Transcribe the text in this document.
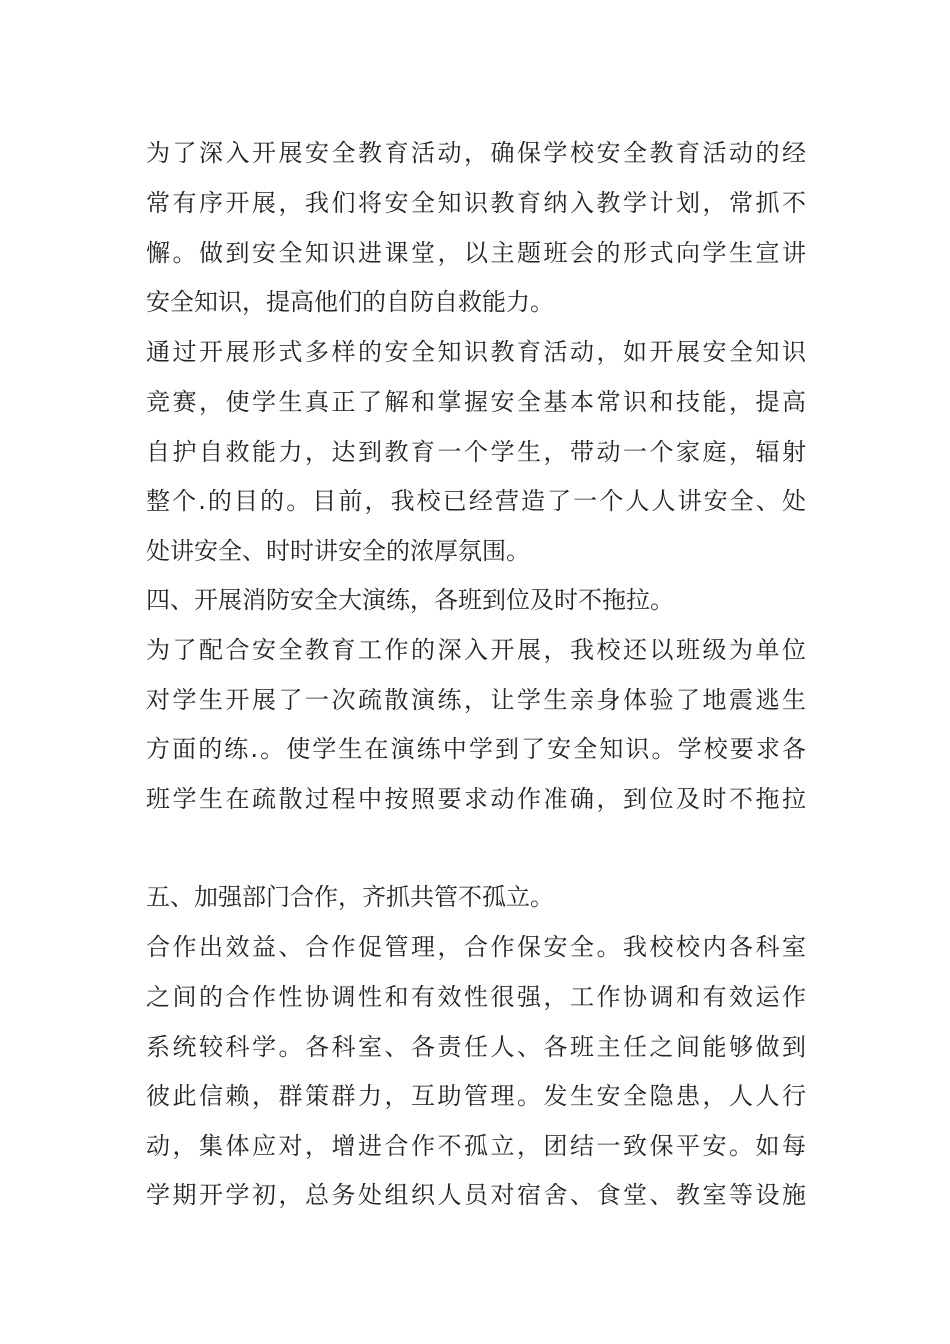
为了深入开展安全教育活动，确保学校安全教育活动的经
常有序开展，我们将安全知识教育纳入教学计划，常抓不
懈。做到安全知识进课堂，以主题班会的形式向学生宣讲
安全知识，提高他们的自防自救能力。
通过开展形式多样的安全知识教育活动，如开展安全知识
竞赛，使学生真正了解和掌握安全基本常识和技能，提高
自护自救能力，达到教育一个学生，带动一个家庭，辐射
整个.的目的。目前，我校已经营造了一个人人讲安全、处
处讲安全、时时讲安全的浓厚氛围。
四、开展消防安全大演练，各班到位及时不拖拉。
为了配合安全教育工作的深入开展，我校还以班级为单位
对学生开展了一次疏散演练，让学生亲身体验了地震逃生
方面的练.。使学生在演练中学到了安全知识。学校要求各
班学生在疏散过程中按照要求动作准确，到位及时不拖拉
五、加强部门合作，齐抓共管不孤立。
合作出效益、合作促管理，合作保安全。我校校内各科室
之间的合作性协调性和有效性很强，工作协调和有效运作
系统较科学。各科室、各责任人、各班主任之间能够做到
彼此信赖，群策群力，互助管理。发生安全隐患，人人行
动，集体应对，增进合作不孤立，团结一致保平安。如每
学期开学初，总务处组织人员对宿舍、食堂、教室等设施
